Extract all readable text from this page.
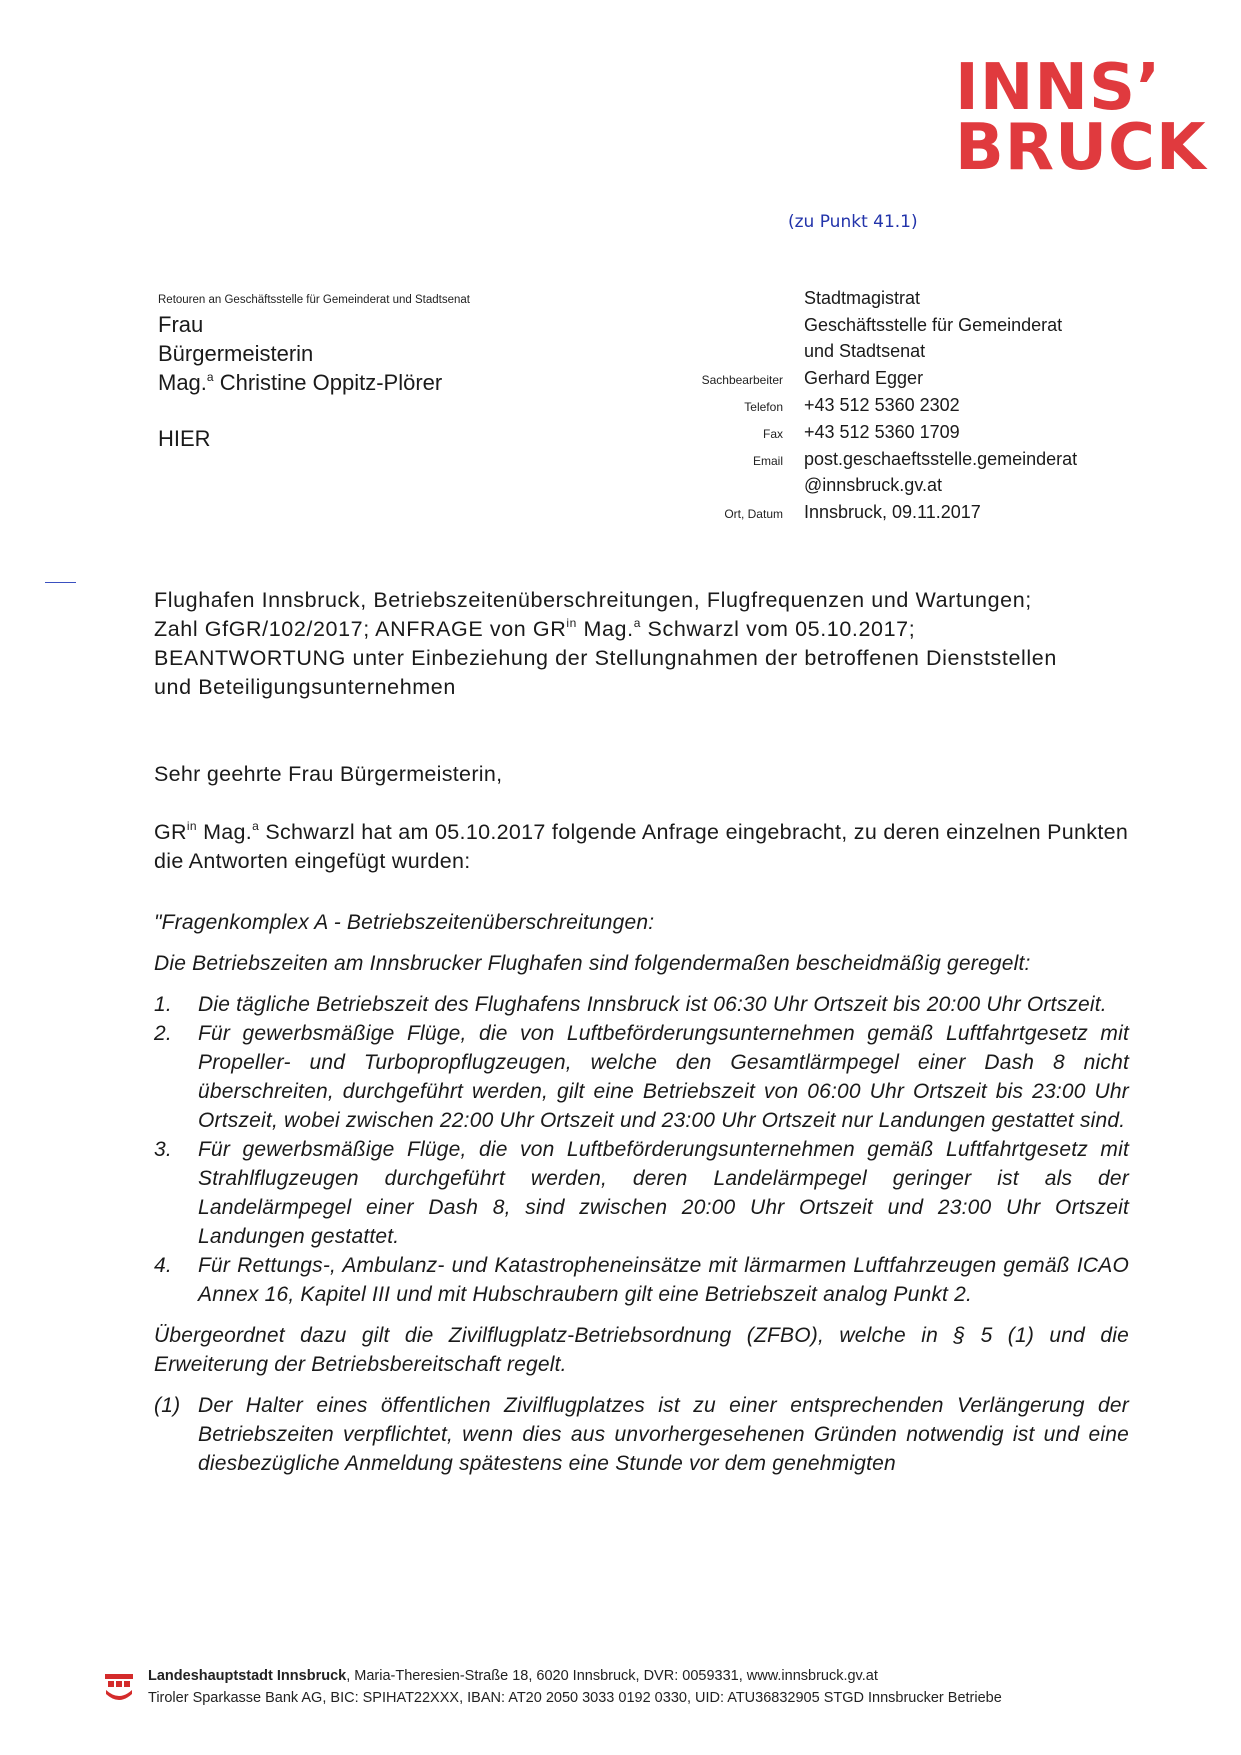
INNS’
BRUCK
(zu Punkt 41.1)
Retouren an Geschäftsstelle für Gemeinderat und Stadtsenat
Frau
Bürgermeisterin
Mag.$^a$ Christine Oppitz-Plörer
HIER
Stadtmagistrat
Geschäftsstelle für Gemeinderat
und Stadtsenat
Sachbearbeiter Gerhard Egger
Telefon +43 512 5360 2302
Fax +43 512 5360 1709
Email post.geschaeftsstelle.gemeinderat
@innsbruck.gv.at
Ort, Datum Innsbruck, 09.11.2017
Flughafen Innsbruck, Betriebszeitenüberschreitungen, Flugfrequenzen und Wartungen;
Zahl GfGR/102/2017; ANFRAGE von $GR^{in}$ Mag.$^a$ Schwarzl vom 05.10.2017;
BEANTWORTUNG unter Einbeziehung der Stellungnahmen der betroffenen Dienststellen
und Beteiligungsunternehmen
Sehr geehrte Frau Bürgermeisterin,
$GR^{in}$ Mag.$^a$ Schwarzl hat am 05.10.2017 folgende Anfrage eingebracht, zu deren einzelnen Punkten die Antworten eingefügt wurden:

"Fragenkomplex A - Betriebszeitenüberschreitungen:

Die Betriebszeiten am Innsbrucker Flughafen sind folgendermaßen bescheidmäßig geregelt:

1.	Die tägliche Betriebszeit des Flughafens Innsbruck ist 06:30 Uhr Ortszeit bis 20:00 Uhr Ortszeit.
2.	Für gewerbsmäßige Flüge, die von Luftbeförderungsunternehmen gemäß Luftfahrtgesetz mit Propeller- und Turbopropflugzeugen, welche den Gesamtlärmpegel einer Dash 8 nicht überschreiten, durchgeführt werden, gilt eine Betriebszeit von 06:00 Uhr Ortszeit bis 23:00 Uhr Ortszeit, wobei zwischen 22:00 Uhr Ortszeit und 23:00 Uhr Ortszeit nur Landungen gestattet sind.
3.	Für gewerbsmäßige Flüge, die von Luftbeförderungsunternehmen gemäß Luftfahrtgesetz mit Strahlflugzeugen durchgeführt werden, deren Landelärmpegel geringer ist als der Landelärmpegel einer Dash 8, sind zwischen 20:00 Uhr Ortszeit und 23:00 Uhr Ortszeit Landungen gestattet.
4.	Für Rettungs-, Ambulanz- und Katastropheneinsätze mit lärmarmen Luftfahrzeugen gemäß ICAO Annex 16, Kapitel III und mit Hubschraubern gilt eine Betriebszeit analog Punkt 2.

Übergeordnet dazu gilt die Zivilflugplatz-Betriebsordnung (ZFBO), welche in § 5 (1) und die Erweiterung der Betriebsbereitschaft regelt.

(1) Der Halter eines öffentlichen Zivilflugplatzes ist zu einer entsprechenden Verlängerung der Betriebszeiten verpflichtet, wenn dies aus unvorhergesehenen Gründen notwendig ist und eine diesbezügliche Anmeldung spätestens eine Stunde vor dem genehmigten
Landeshauptstadt Innsbruck, Maria-Theresien-Straße 18, 6020 Innsbruck, DVR: 0059331, www.innsbruck.gv.at
Tiroler Sparkasse Bank AG, BIC: SPIHAT22XXX, IBAN: AT20 2050 3033 0192 0330, UID: ATU36832905 STGD Innsbrucker Betriebe
